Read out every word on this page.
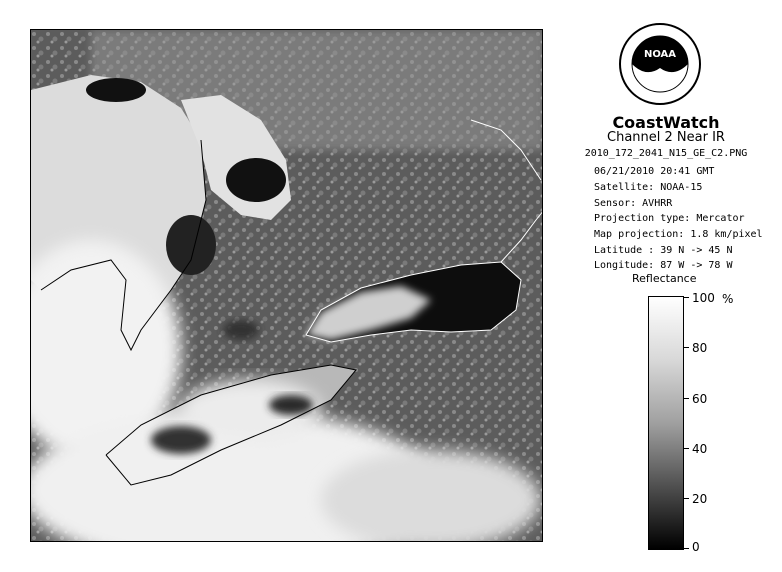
NOAA
CoastWatch
Channel 2 Near IR
2010_172_2041_N15_GE_C2.PNG
06/21/2010 20:41 GMT
Satellite: NOAA-15
Sensor: AVHRR
Projection type: Mercator
Map projection: 1.8 km/pixel
Latitude : 39 N -> 45 N
Longitude: 87 W -> 78 W
Reflectance
%
100
80
60
40
20
0
